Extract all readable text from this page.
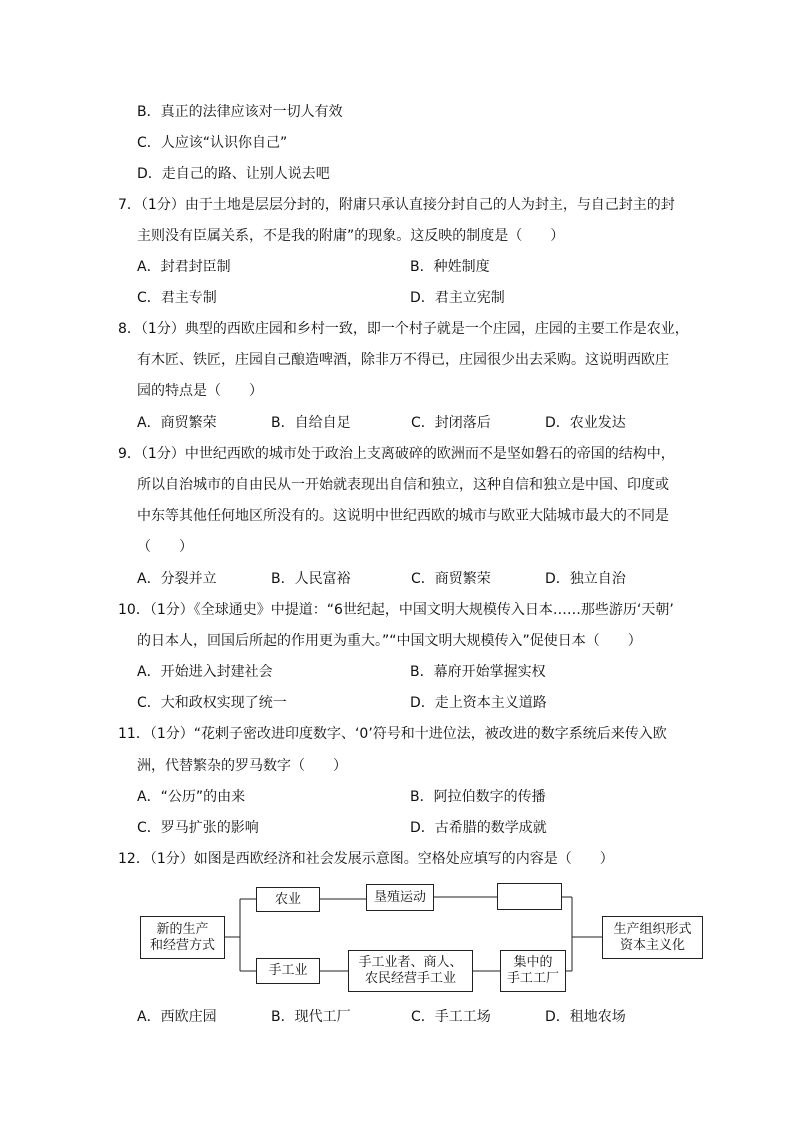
B．真正的法律应该对一切人有效
C．人应该“认识你自己”
D．走自己的路、让别人说去吧
7．（1分）由于土地是层层分封的，附庸只承认直接分封自己的人为封主，与自己封主的封
主则没有臣属关系，不是我的附庸”的现象。这反映的制度是（　　）
A．封君封臣制	B．种姓制度
C．君主专制	D．君主立宪制
8．（1分）典型的西欧庄园和乡村一致，即一个村子就是一个庄园，庄园的主要工作是农业，
有木匠、铁匠，庄园自己酿造啤酒，除非万不得已，庄园很少出去采购。这说明西欧庄
园的特点是（　　）
A．商贸繁荣	B．自给自足	C．封闭落后	D．农业发达
9．（1分）中世纪西欧的城市处于政治上支离破碎的欧洲而不是坚如磐石的帝国的结构中，
所以自治城市的自由民从一开始就表现出自信和独立，这种自信和独立是中国、印度或
中东等其他任何地区所没有的。这说明中世纪西欧的城市与欧亚大陆城市最大的不同是
（　　）
A．分裂并立	B．人民富裕	C．商贸繁荣	D．独立自治
10．（1分）《全球通史》中提道：“6世纪起，中国文明大规模传入日本……那些游历‘天朝’
的日本人，回国后所起的作用更为重大。”“中国文明大规模传入”促使日本（　　）
A．开始进入封建社会	B．幕府开始掌握实权
C．大和政权实现了统一	D．走上资本主义道路
11．（1分）“花剌子密改进印度数字、‘0’符号和十进位法，被改进的数字系统后来传入欧
洲，代替繁杂的罗马数字（　　）
A．“公历”的由来	B．阿拉伯数字的传播
C．罗马扩张的影响	D．古希腊的数学成就
12．（1分）如图是西欧经济和社会发展示意图。空格处应填写的内容是（　　）
新的生产
和经营方式
农业	垦殖运动
手工业
手工业者、商人、
农民经营手工业
集中的
手工工厂
生产组织形式
资本主义化
A．西欧庄园	B．现代工厂	C．手工工场	D．租地农场
